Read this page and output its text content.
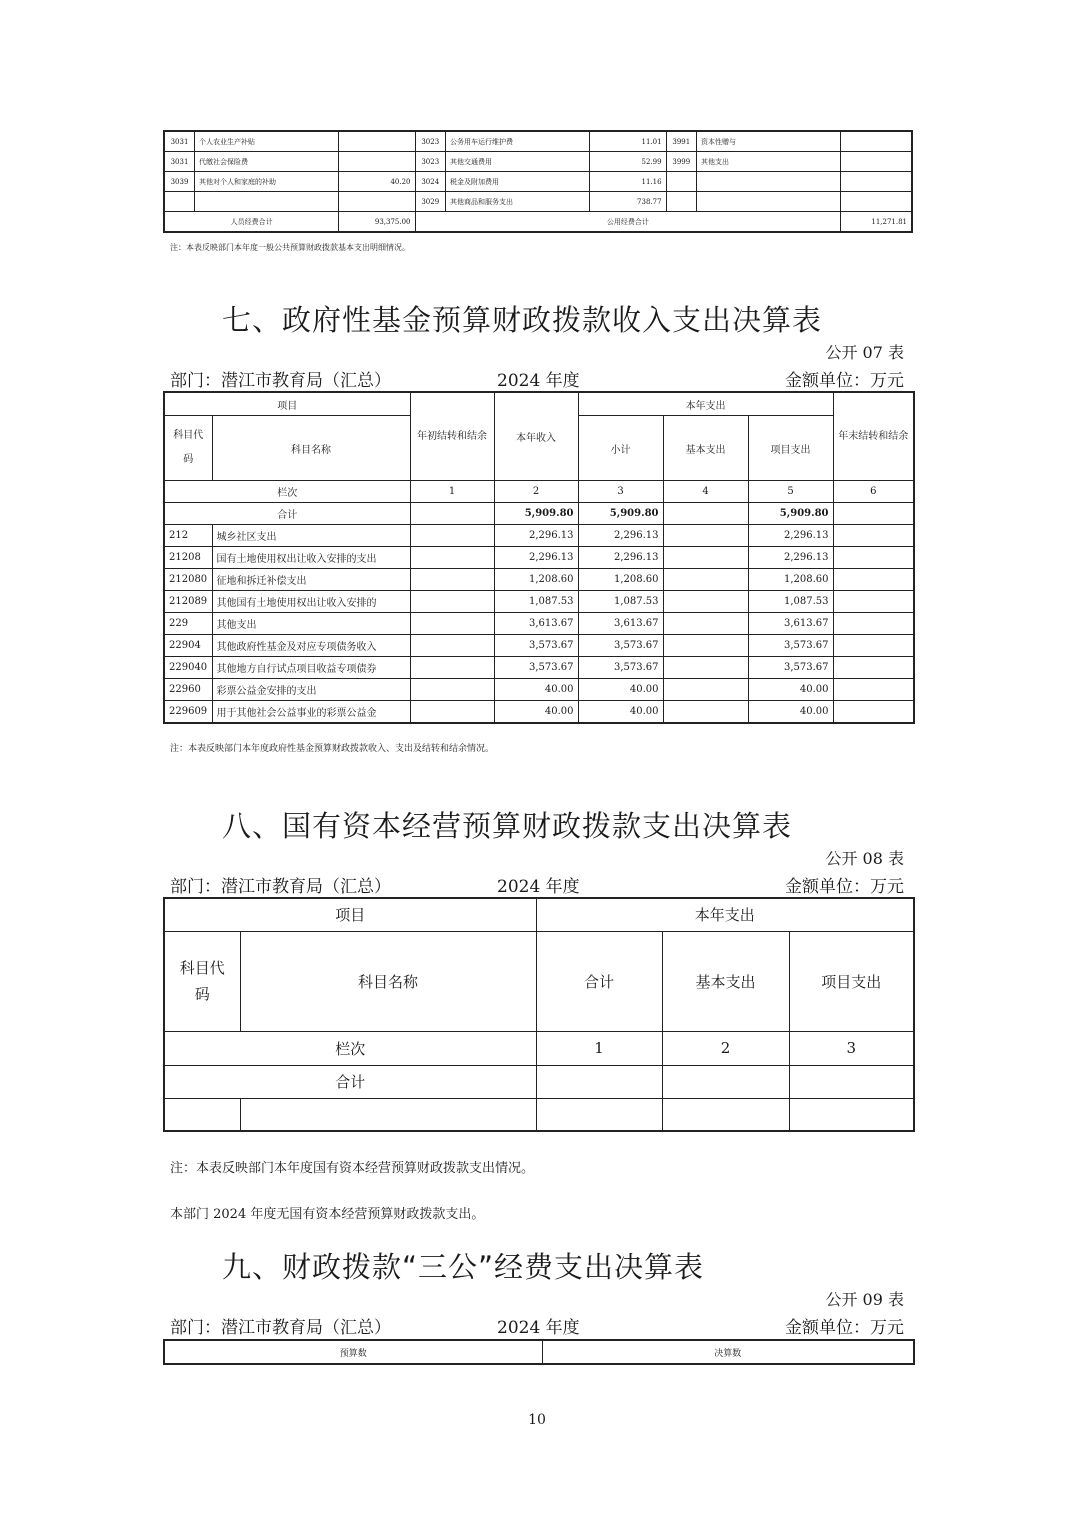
3031	个人农业生产补贴		3023	公务用车运行维护费	11.01	3991	资本性赠与	
3031	代缴社会保险费		3023	其他交通费用	52.99	3999	其他支出	
3039	其他对个人和家庭的补助	40.20	3024	税金及附加费用	11.16			
			3029	其他商品和服务支出	738.77			
人员经费合计		93,375.00	公用经费合计					11,271.81
注：本表反映部门本年度一般公共预算财政拨款基本支出明细情况。
七、政府性基金预算财政拨款收入支出决算表
公开 07 表
部门：潜江市教育局（汇总）	2024 年度	金额单位：万元
项目		年初结转和结余	本年收入	本年支出			年末结转和结余
科目代码	科目名称			小计	基本支出	项目支出	
栏次		1	2	3	4	5	6
合计			5,909.80	5,909.80		5,909.80	
212	城乡社区支出		2,296.13	2,296.13		2,296.13	
21208	国有土地使用权出让收入安排的支出		2,296.13	2,296.13		2,296.13	
212080	征地和拆迁补偿支出		1,208.60	1,208.60		1,208.60	
212089	其他国有土地使用权出让收入安排的		1,087.53	1,087.53		1,087.53	
229	其他支出		3,613.67	3,613.67		3,613.67	
22904	其他政府性基金及对应专项债务收入		3,573.67	3,573.67		3,573.67	
229040	其他地方自行试点项目收益专项债券		3,573.67	3,573.67		3,573.67	
22960	彩票公益金安排的支出		40.00	40.00		40.00	
229609	用于其他社会公益事业的彩票公益金		40.00	40.00		40.00	
注：本表反映部门本年度政府性基金预算财政拨款收入、支出及结转和结余情况。
八、国有资本经营预算财政拨款支出决算表
公开 08 表
部门：潜江市教育局（汇总）	2024 年度	金额单位：万元
项目		本年支出		
科目代码	科目名称	合计	基本支出	项目支出
栏次		1	2	3
合计				

注：本表反映部门本年度国有资本经营预算财政拨款支出情况。
本部门 2024 年度无国有资本经营预算财政拨款支出。
九、财政拨款“三公”经费支出决算表
公开 09 表
部门：潜江市教育局（汇总）	2024 年度	金额单位：万元
预算数	决算数
10
